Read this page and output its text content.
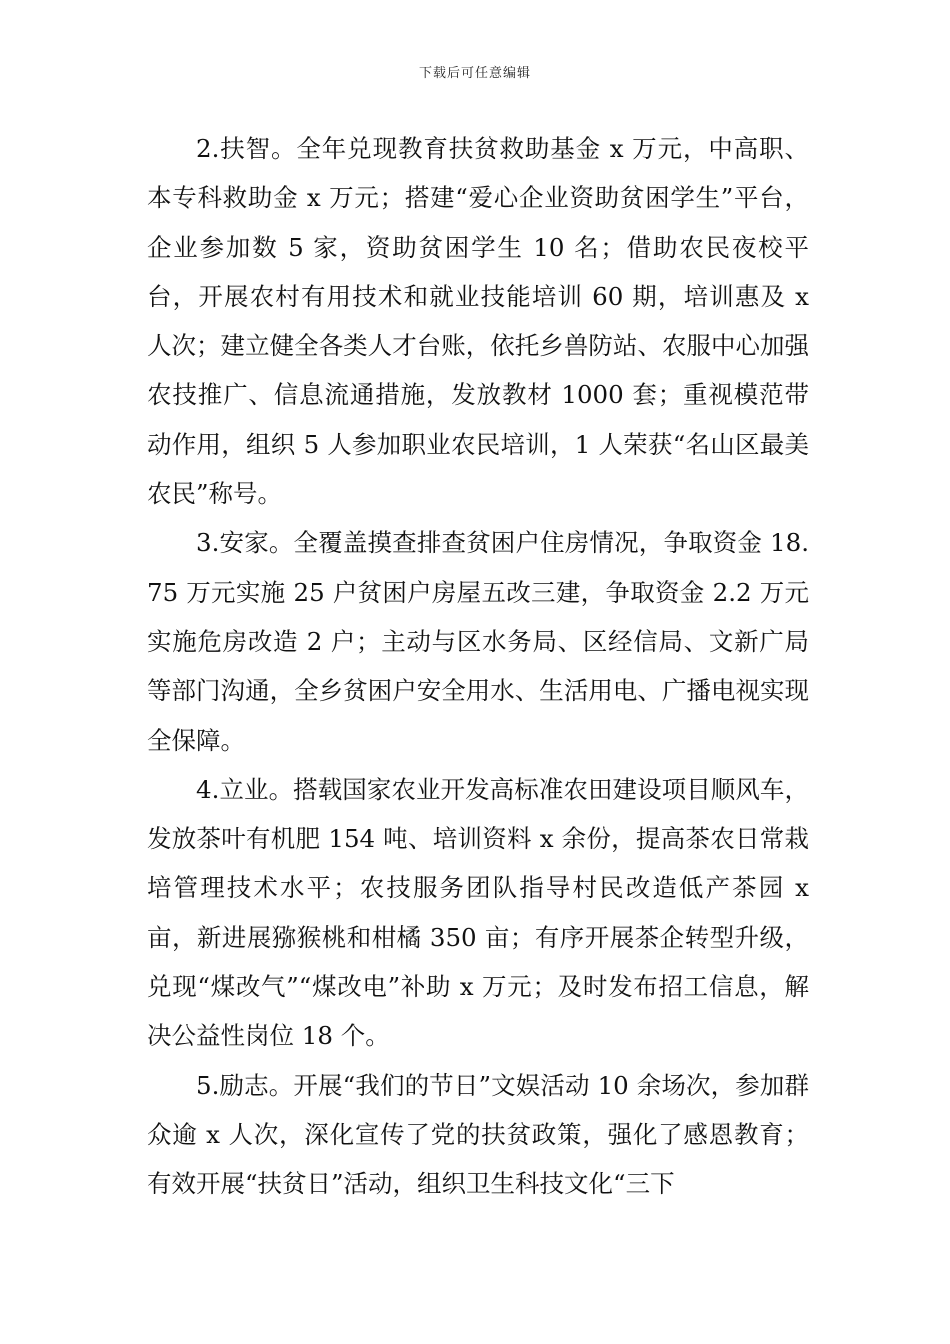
下载后可任意编辑

2.扶智。全年兑现教育扶贫救助基金 x 万元，中高职、本专科救助金 x 万元；搭建“爱心企业资助贫困学生”平台，企业参加数 5 家，资助贫困学生 10 名；借助农民夜校平台，开展农村有用技术和就业技能培训 60 期，培训惠及 x 人次；建立健全各类人才台账，依托乡兽防站、农服中心加强农技推广、信息流通措施，发放教材 1000 套；重视模范带动作用，组织 5 人参加职业农民培训，1 人荣获“名山区最美农民”称号。

3.安家。全覆盖摸查排查贫困户住房情况，争取资金 18.75 万元实施 25 户贫困户房屋五改三建，争取资金 2.2 万元实施危房改造 2 户；主动与区水务局、区经信局、文新广局等部门沟通，全乡贫困户安全用水、生活用电、广播电视实现全保障。

4.立业。搭载国家农业开发高标准农田建设项目顺风车，发放茶叶有机肥 154 吨、培训资料 x 余份，提高茶农日常栽培管理技术水平；农技服务团队指导村民改造低产茶园 x 亩，新进展猕猴桃和柑橘 350 亩；有序开展茶企转型升级，兑现“煤改气”“煤改电”补助 x 万元；及时发布招工信息，解决公益性岗位 18 个。

5.励志。开展“我们的节日”文娱活动 10 余场次，参加群众逾 x 人次，深化宣传了党的扶贫政策，强化了感恩教育；有效开展“扶贫日”活动，组织卫生科技文化“三下
